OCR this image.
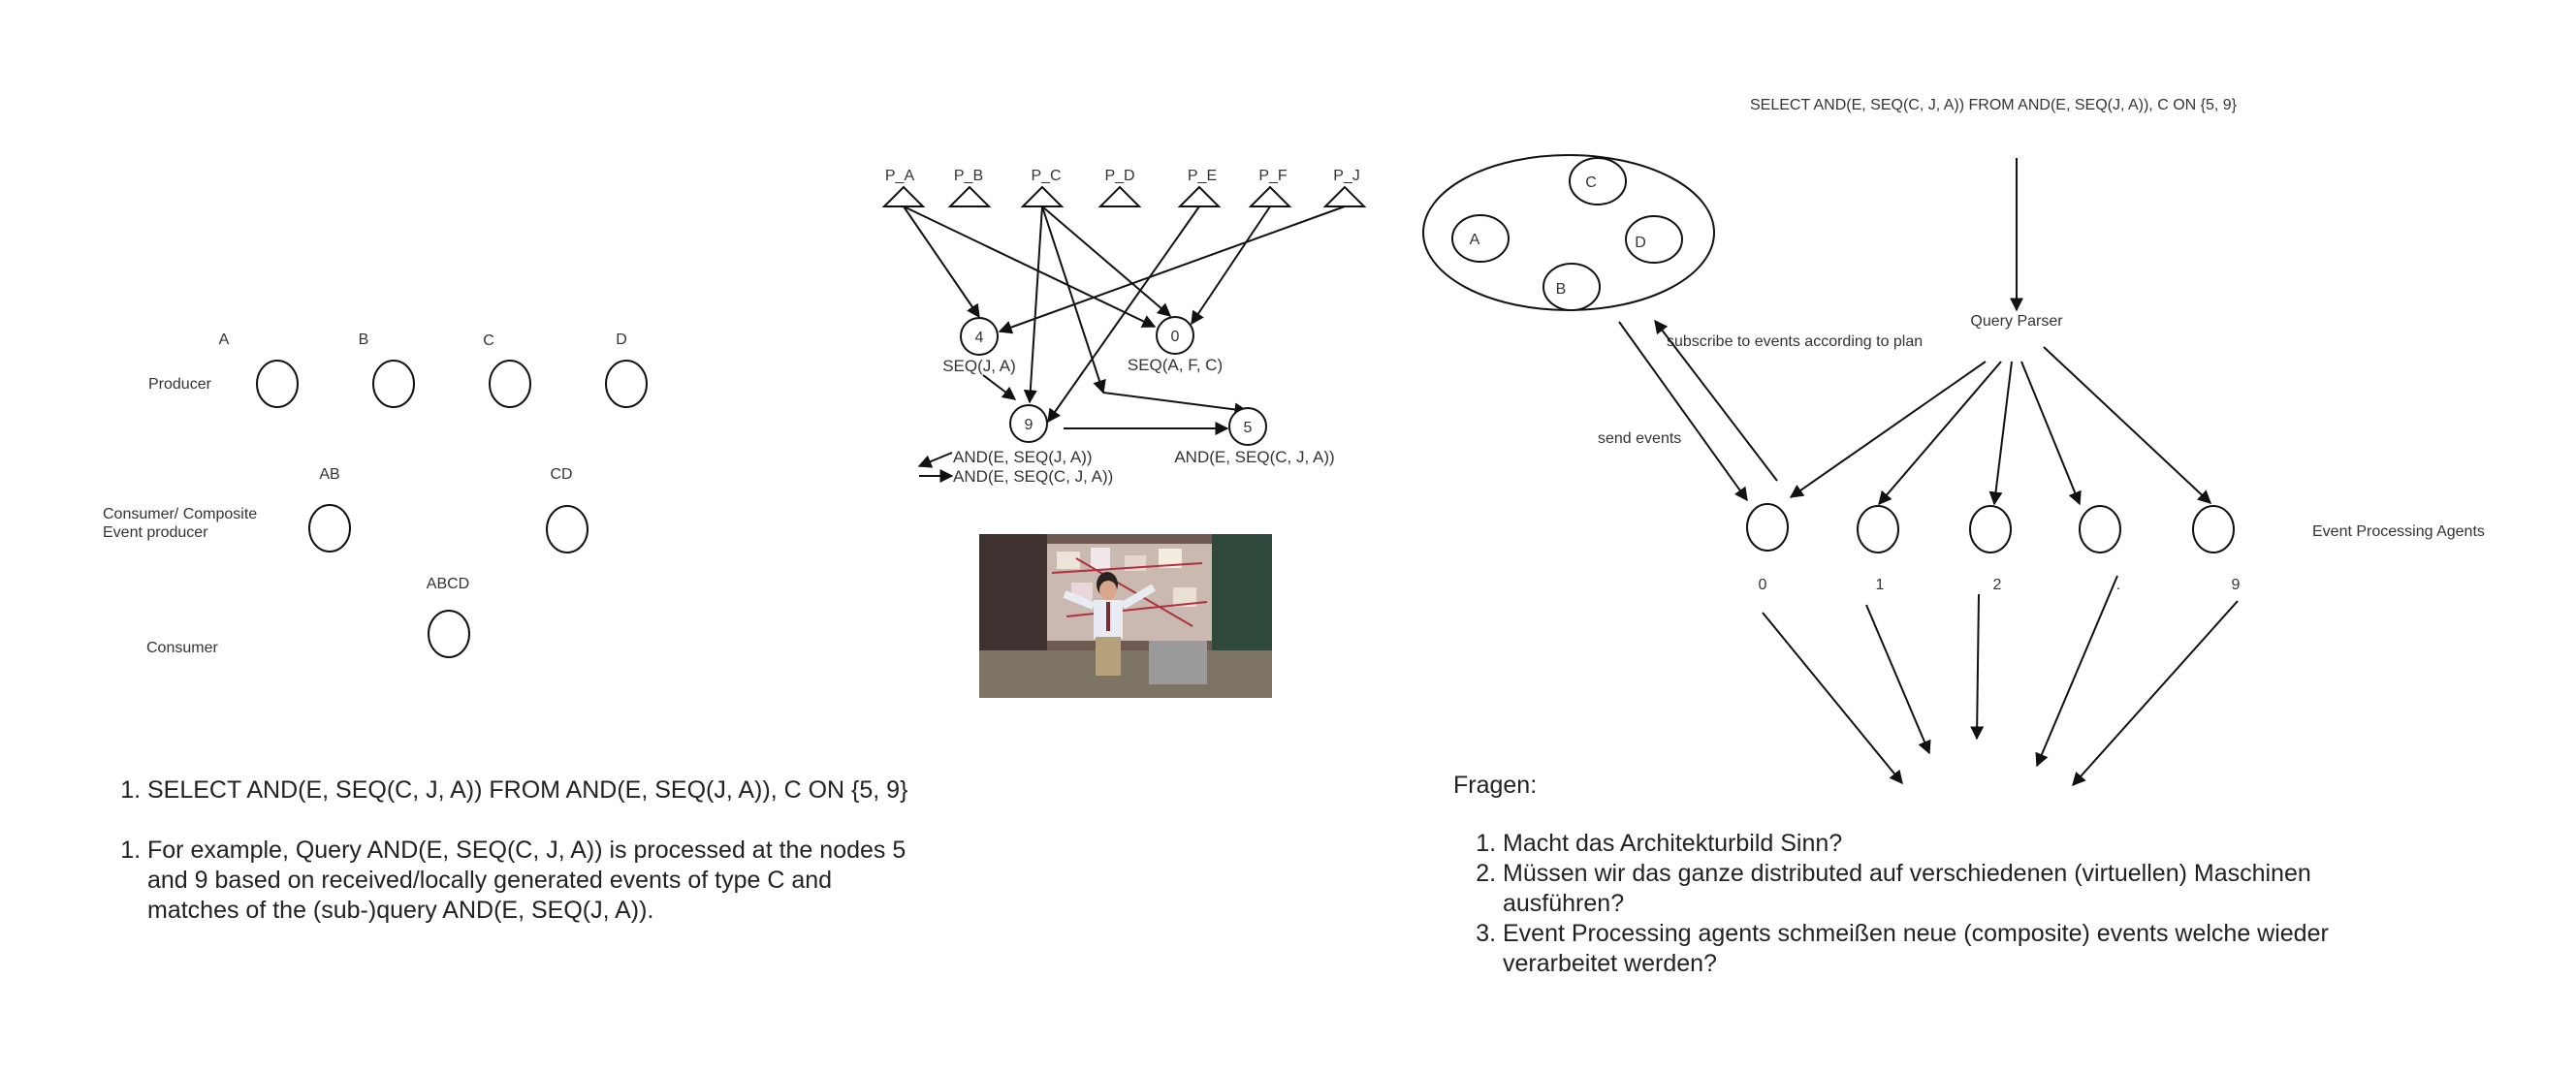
A	B	C	D
Producer
AB	CD
Consumer/ Composite
Event producer
ABCD
Consumer
P_A	P_B	P_C	P_D	P_E	P_F	P_J
4
SEQ(J, A)
0
SEQ(A, F, C)
9
AND(E, SEQ(J, A))
AND(E, SEQ(C, J, A))
5
AND(E, SEQ(C, J, A))
SELECT AND(E, SEQ(C, J, A)) FROM AND(E, SEQ(J, A)), C ON {5, 9}
C
A	D
B
Query Parser
subscribe to events according to plan
send events
0	1	2	.	9
Event Processing Agents
1. SELECT AND(E, SEQ(C, J, A)) FROM AND(E, SEQ(J, A)), C ON {5, 9}
1. For example, Query AND(E, SEQ(C, J, A)) is processed at the nodes 5 and 9 based on received/locally generated events of type C and matches of the (sub-)query AND(E, SEQ(J, A)).
Fragen:
1. Macht das Architekturbild Sinn?
2. Müssen wir das ganze distributed auf verschiedenen (virtuellen) Maschinen ausführen?
3. Event Processing agents schmeißen neue (composite) events welche wieder verarbeitet werden?
